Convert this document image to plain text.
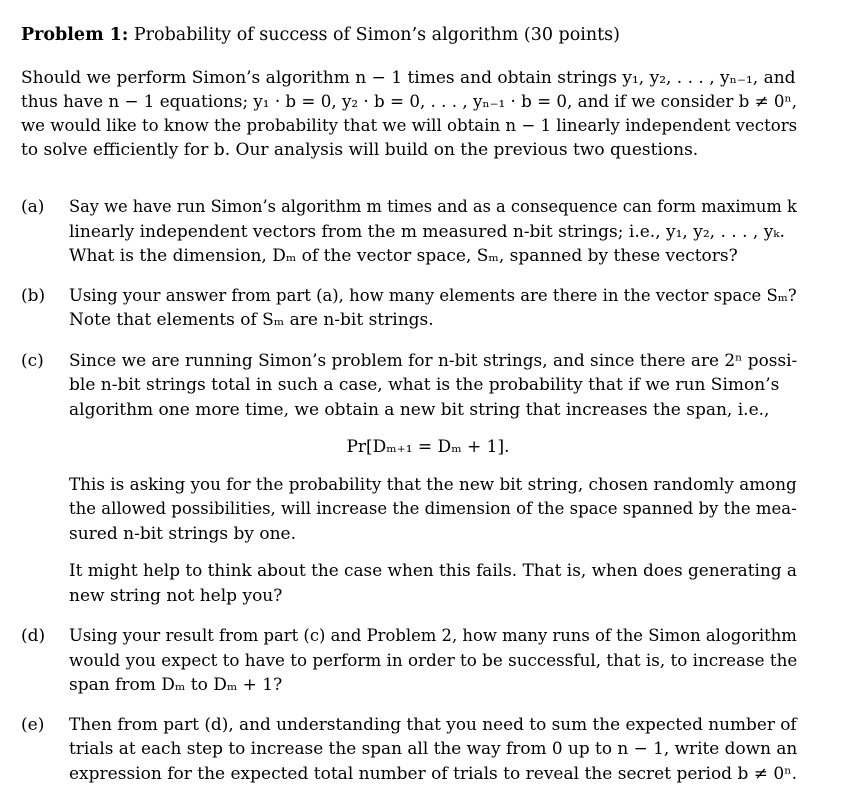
Problem 1: Probability of success of Simon’s algorithm (30 points)
Should we perform Simon’s algorithm n − 1 times and obtain strings y₁, y₂, . . . , yₙ₋₁, and
thus have n − 1 equations; y₁ · b = 0, y₂ · b = 0, . . . , yₙ₋₁ · b = 0, and if we consider b ≠ 0ⁿ,
we would like to know the probability that we will obtain n − 1 linearly independent vectors
to solve efficiently for b. Our analysis will build on the previous two questions.
(a) Say we have run Simon’s algorithm m times and as a consequence can form maximum k
linearly independent vectors from the m measured n-bit strings; i.e., y₁, y₂, . . . , yₖ.
What is the dimension, Dₘ of the vector space, Sₘ, spanned by these vectors?
(b) Using your answer from part (a), how many elements are there in the vector space Sₘ?
Note that elements of Sₘ are n-bit strings.
(c) Since we are running Simon’s problem for n-bit strings, and since there are 2ⁿ possi-
ble n-bit strings total in such a case, what is the probability that if we run Simon’s
algorithm one more time, we obtain a new bit string that increases the span, i.e.,
Pr[Dₘ₊₁ = Dₘ + 1].
This is asking you for the probability that the new bit string, chosen randomly among
the allowed possibilities, will increase the dimension of the space spanned by the mea-
sured n-bit strings by one.
It might help to think about the case when this fails. That is, when does generating a
new string not help you?
(d) Using your result from part (c) and Problem 2, how many runs of the Simon alogorithm
would you expect to have to perform in order to be successful, that is, to increase the
span from Dₘ to Dₘ + 1?
(e) Then from part (d), and understanding that you need to sum the expected number of
trials at each step to increase the span all the way from 0 up to n − 1, write down an
expression for the expected total number of trials to reveal the secret period b ≠ 0ⁿ.
